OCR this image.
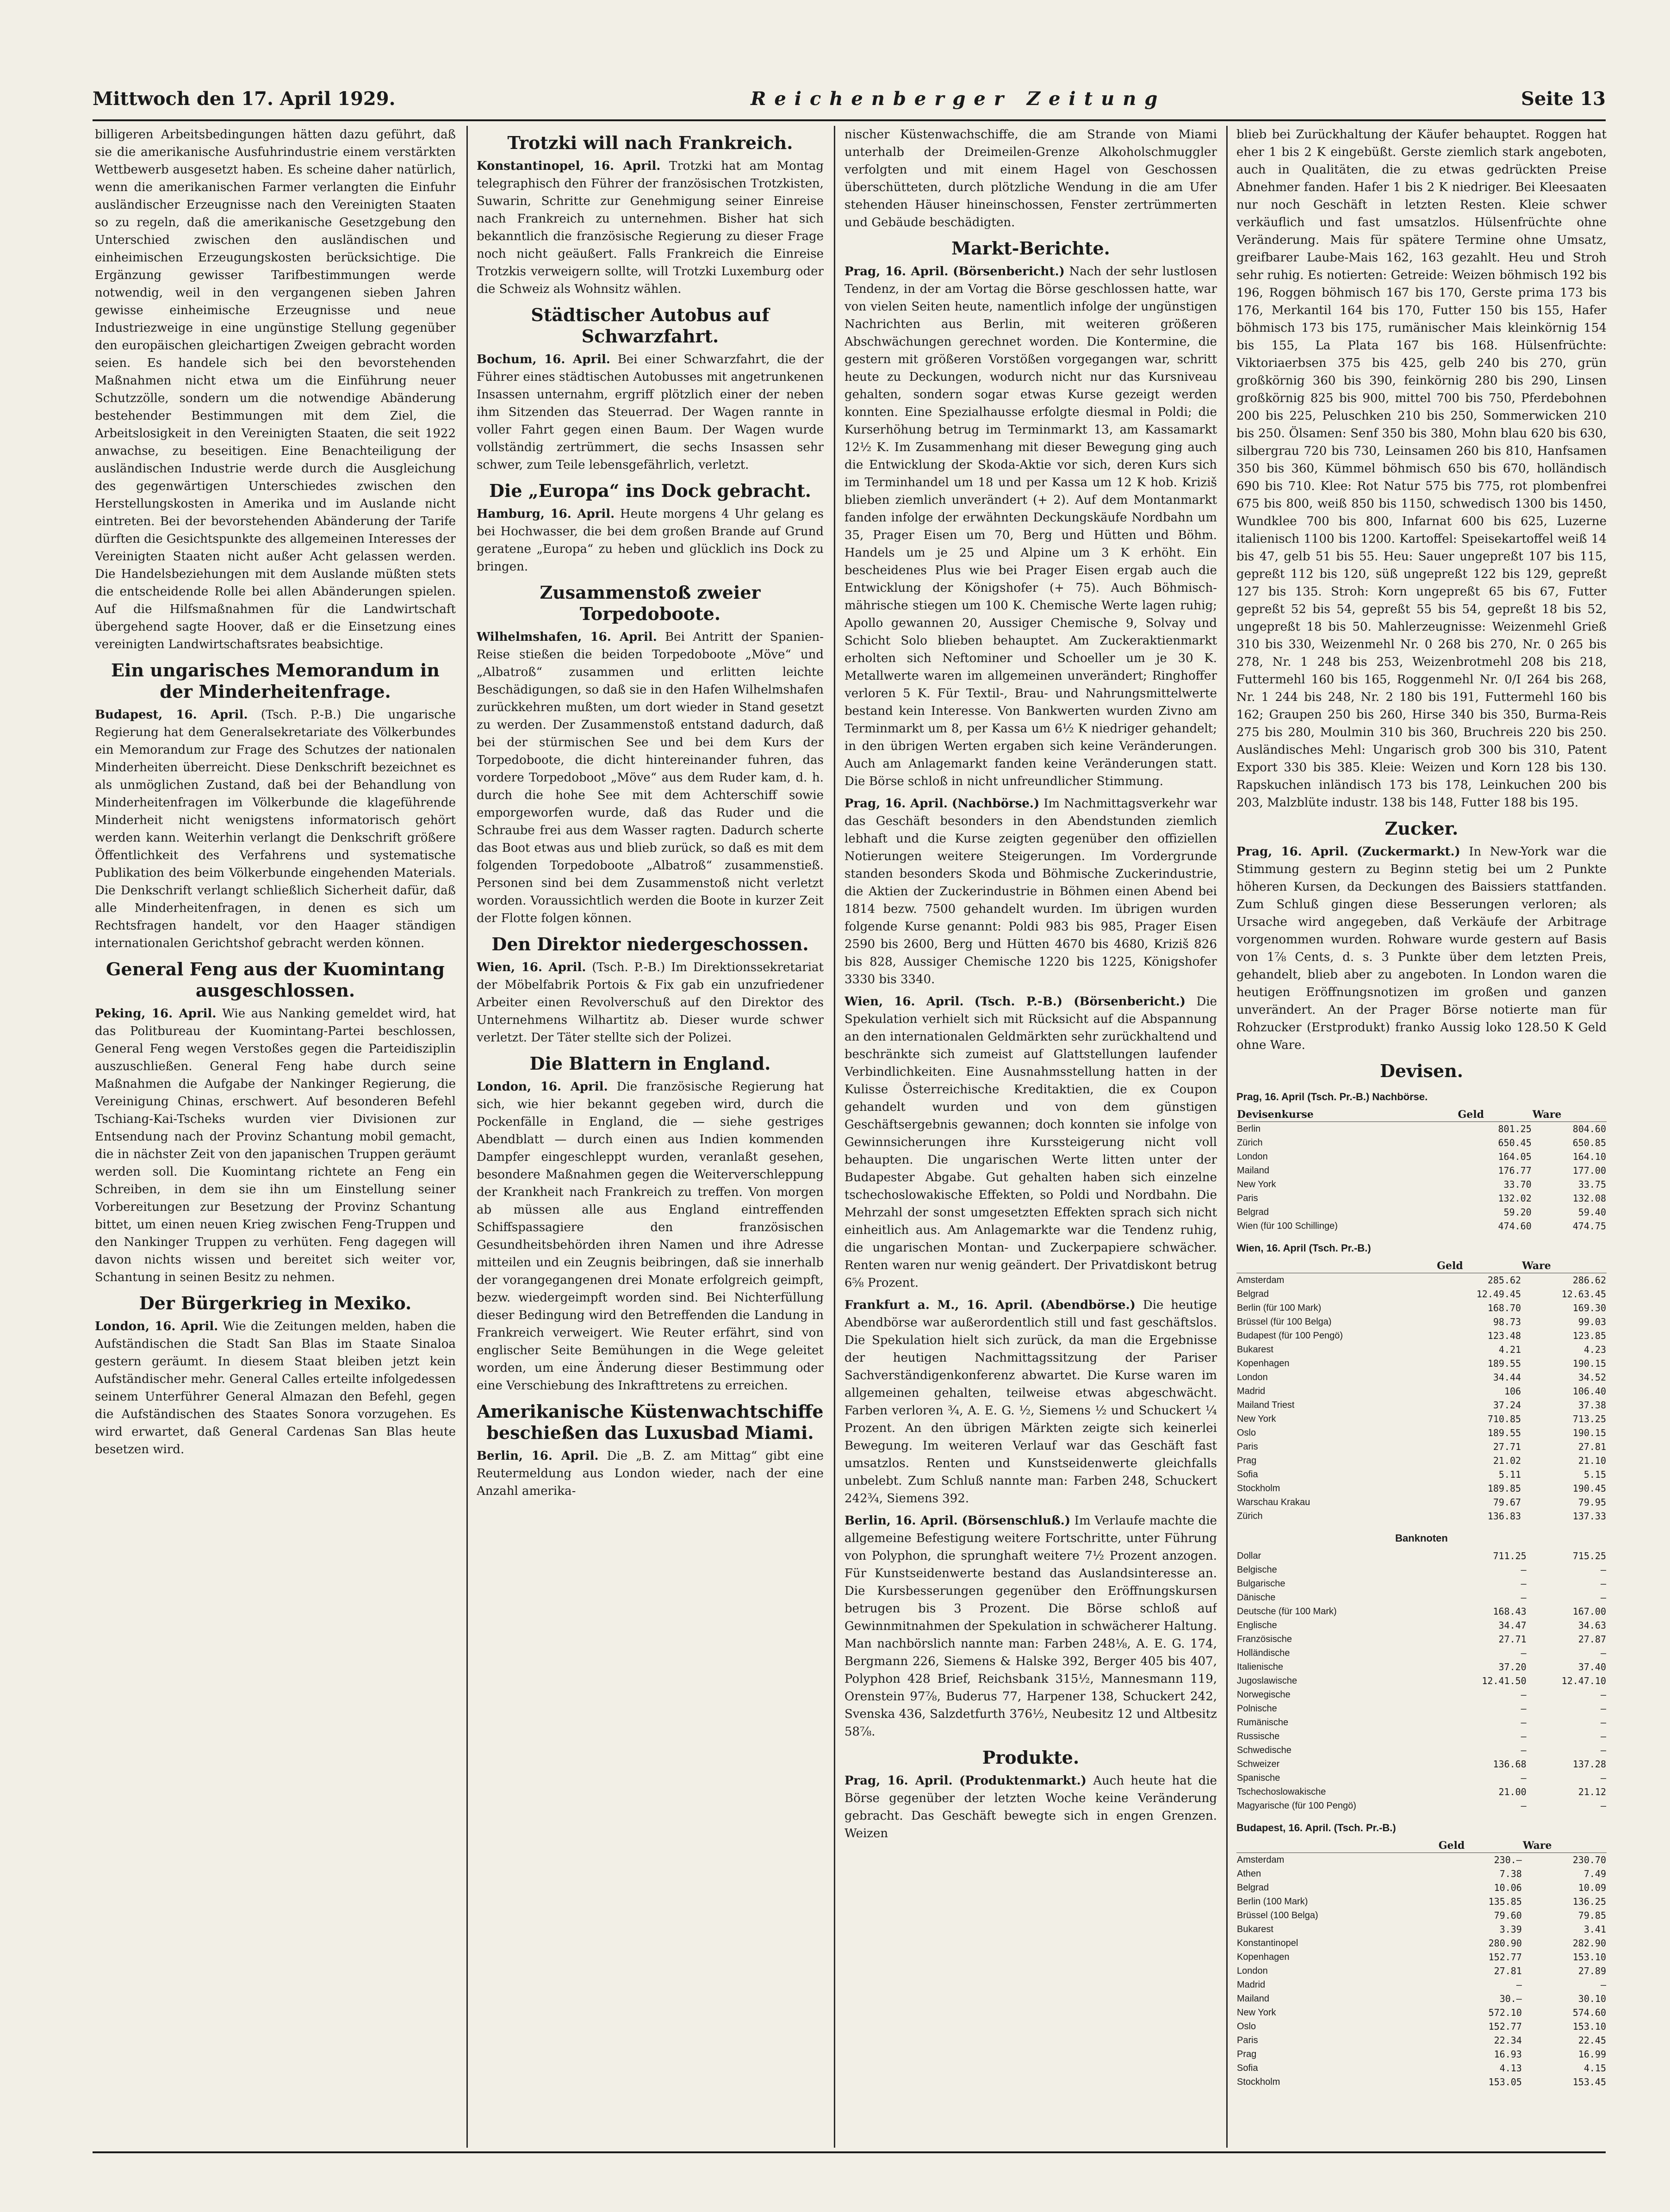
Mittwoch den 17. April 1929.	Reichenberger Zeitung	Seite 13

billigeren Arbeitsbedingungen hätten dazu geführt, daß sie die amerikanische Ausfuhrindustrie einem verstärkten Wettbewerb ausgesetzt haben. Es scheine daher natürlich, wenn die amerikanischen Farmer verlangten die Einfuhr ausländischer Erzeugnisse nach den Vereinigten Staaten so zu regeln, daß die amerikanische Gesetzgebung den Unterschied zwischen den ausländischen und einheimischen Erzeugungskosten berücksichtige. Die Ergänzung gewisser Tarifbestimmungen werde notwendig, weil in den vergangenen sieben Jahren gewisse einheimische Erzeugnisse und neue Industriezweige in eine ungünstige Stellung gegenüber den europäischen gleichartigen Zweigen gebracht worden seien. Es handele sich bei den bevorstehenden Maßnahmen nicht etwa um die Einführung neuer Schutzzölle, sondern um die notwendige Abänderung bestehender Bestimmungen mit dem Ziel, die Arbeitslosigkeit in den Vereinigten Staaten, die seit 1922 anwachse, zu beseitigen. Eine Benachteiligung der ausländischen Industrie werde durch die Ausgleichung des gegenwärtigen Unterschiedes zwischen den Herstellungskosten in Amerika und im Auslande nicht eintreten. Bei der bevorstehenden Abänderung der Tarife dürften die Gesichtspunkte des allgemeinen Interesses der Vereinigten Staaten nicht außer Acht gelassen werden. Die Handelsbeziehungen mit dem Auslande müßten stets die entscheidende Rolle bei allen Abänderungen spielen. Auf die Hilfsmaßnahmen für die Landwirtschaft übergehend sagte Hoover, daß er die Einsetzung eines vereinigten Landwirtschaftsrates beabsichtige.

Ein ungarisches Memorandum in der Minderheitenfrage.

Budapest, 16. April. (Tsch. P.-B.) Die ungarische Regierung hat dem Generalsekretariate des Völkerbundes ein Memorandum zur Frage des Schutzes der nationalen Minderheiten überreicht. Diese Denkschrift bezeichnet es als unmöglichen Zustand, daß bei der Behandlung von Minderheitenfragen im Völkerbunde die klageführende Minderheit nicht wenigstens informatorisch gehört werden kann. Weiterhin verlangt die Denkschrift größere Öffentlichkeit des Verfahrens und systematische Publikation des beim Völkerbunde eingehenden Materials. Die Denkschrift verlangt schließlich Sicherheit dafür, daß alle Minderheitenfragen, in denen es sich um Rechtsfragen handelt, vor den Haager ständigen internationalen Gerichtshof gebracht werden können.

General Feng aus der Kuomintang ausgeschlossen.

Peking, 16. April. Wie aus Nanking gemeldet wird, hat das Politbureau der Kuomintang-Partei beschlossen, General Feng wegen Verstoßes gegen die Parteidisziplin auszuschließen. General Feng habe durch seine Maßnahmen die Aufgabe der Nankinger Regierung, die Vereinigung Chinas, erschwert. Auf besonderen Befehl Tschiang-Kai-Tscheks wurden vier Divisionen zur Entsendung nach der Provinz Schantung mobil gemacht, die in nächster Zeit von den japanischen Truppen geräumt werden soll. Die Kuomintang richtete an Feng ein Schreiben, in dem sie ihn um Einstellung seiner Vorbereitungen zur Besetzung der Provinz Schantung bittet, um einen neuen Krieg zwischen Feng-Truppen und den Nankinger Truppen zu verhüten. Feng dagegen will davon nichts wissen und bereitet sich weiter vor, Schantung in seinen Besitz zu nehmen.

Der Bürgerkrieg in Mexiko.

London, 16. April. Wie die Zeitungen melden, haben die Aufständischen die Stadt San Blas im Staate Sinaloa gestern geräumt. In diesem Staat bleiben jetzt kein Aufständischer mehr. General Calles erteilte infolgedessen seinem Unterführer General Almazan den Befehl, gegen die Aufständischen des Staates Sonora vorzugehen. Es wird erwartet, daß General Cardenas San Blas heute besetzen wird.

Trotzki will nach Frankreich.

Konstantinopel, 16. April. Trotzki hat am Montag telegraphisch den Führer der französischen Trotzkisten, Suwarin, Schritte zur Genehmigung seiner Einreise nach Frankreich zu unternehmen. Bisher hat sich bekanntlich die französische Regierung zu dieser Frage noch nicht geäußert. Falls Frankreich die Einreise Trotzkis verweigern sollte, will Trotzki Luxemburg oder die Schweiz als Wohnsitz wählen.

Städtischer Autobus auf Schwarzfahrt.

Bochum, 16. April. Bei einer Schwarzfahrt, die der Führer eines städtischen Autobusses mit angetrunkenen Insassen unternahm, ergriff plötzlich einer der neben ihm Sitzenden das Steuerrad. Der Wagen rannte in voller Fahrt gegen einen Baum. Der Wagen wurde vollständig zertrümmert, die sechs Insassen sehr schwer, zum Teile lebensgefährlich, verletzt.

Die „Europa“ ins Dock gebracht.

Hamburg, 16. April. Heute morgens 4 Uhr gelang es bei Hochwasser, die bei dem großen Brande auf Grund geratene „Europa“ zu heben und glücklich ins Dock zu bringen.

Zusammenstoß zweier Torpedoboote.

Wilhelmshafen, 16. April. Bei Antritt der Spanien-Reise stießen die beiden Torpedoboote „Möve“ und „Albatroß“ zusammen und erlitten leichte Beschädigungen, so daß sie in den Hafen Wilhelmshafen zurückkehren mußten, um dort wieder in Stand gesetzt zu werden. Der Zusammenstoß entstand dadurch, daß bei der stürmischen See und bei dem Kurs der Torpedoboote, die dicht hintereinander fuhren, das vordere Torpedoboot „Möve“ aus dem Ruder kam, d. h. durch die hohe See mit dem Achterschiff sowie emporgeworfen wurde, daß das Ruder und die Schraube frei aus dem Wasser ragten. Dadurch scherte das Boot etwas aus und blieb zurück, so daß es mit dem folgenden Torpedoboote „Albatroß“ zusammenstieß. Personen sind bei dem Zusammenstoß nicht verletzt worden. Voraussichtlich werden die Boote in kurzer Zeit der Flotte folgen können.

Den Direktor niedergeschossen.

Wien, 16. April. (Tsch. P.-B.) Im Direktionssekretariat der Möbelfabrik Portois & Fix gab ein unzufriedener Arbeiter einen Revolverschuß auf den Direktor des Unternehmens Wilhartitz ab. Dieser wurde schwer verletzt. Der Täter stellte sich der Polizei.

Die Blattern in England.

London, 16. April. Die französische Regierung hat sich, wie hier bekannt gegeben wird, durch die Pockenfälle in England, die — siehe gestriges Abendblatt — durch einen aus Indien kommenden Dampfer eingeschleppt wurden, veranlaßt gesehen, besondere Maßnahmen gegen die Weiterverschleppung der Krankheit nach Frankreich zu treffen. Von morgen ab müssen alle aus England eintreffenden Schiffspassagiere den französischen Gesundheitsbehörden ihren Namen und ihre Adresse mitteilen und ein Zeugnis beibringen, daß sie innerhalb der vorangegangenen drei Monate erfolgreich geimpft, bezw. wiedergeimpft worden sind. Bei Nichterfüllung dieser Bedingung wird den Betreffenden die Landung in Frankreich verweigert. Wie Reuter erfährt, sind von englischer Seite Bemühungen in die Wege geleitet worden, um eine Änderung dieser Bestimmung oder eine Verschiebung des Inkrafttretens zu erreichen.

Amerikanische Küstenwachtschiffe beschießen das Luxusbad Miami.

Berlin, 16. April. Die „B. Z. am Mittag“ gibt eine Reutermeldung aus London wieder, nach der eine Anzahl amerika-

nischer Küstenwachschiffe, die am Strande von Miami unterhalb der Dreimeilen-Grenze Alkoholschmuggler verfolgten und mit einem Hagel von Geschossen überschütteten, durch plötzliche Wendung in die am Ufer stehenden Häuser hineinschossen, Fenster zertrümmerten und Gebäude beschädigten.

Markt-Berichte.

Prag, 16. April. (Börsenbericht.) Nach der sehr lustlosen Tendenz, in der am Vortag die Börse geschlossen hatte, war von vielen Seiten heute, namentlich infolge der ungünstigen Nachrichten aus Berlin, mit weiteren größeren Abschwächungen gerechnet worden. Die Kontermine, die gestern mit größeren Vorstößen vorgegangen war, schritt heute zu Deckungen, wodurch nicht nur das Kursniveau gehalten, sondern sogar etwas Kurse gezeigt werden konnten. Eine Spezialhausse erfolgte diesmal in Poldi; die Kurserhöhung betrug im Terminmarkt 13, am Kassamarkt 12½ K. Im Zusammenhang mit dieser Bewegung ging auch die Entwicklung der Skoda-Aktie vor sich, deren Kurs sich im Terminhandel um 18 und per Kassa um 12 K hob. Kriziš blieben ziemlich unverändert (+ 2). Auf dem Montanmarkt fanden infolge der erwähnten Deckungskäufe Nordbahn um 35, Prager Eisen um 70, Berg und Hütten und Böhm. Handels um je 25 und Alpine um 3 K erhöht. Ein bescheidenes Plus wie bei Prager Eisen ergab auch die Entwicklung der Königshofer (+ 75). Auch Böhmisch-mährische stiegen um 100 K. Chemische Werte lagen ruhig; Apollo gewannen 20, Aussiger Chemische 9, Solvay und Schicht Solo blieben behauptet. Am Zuckeraktienmarkt erholten sich Neftominer und Schoeller um je 30 K. Metallwerte waren im allgemeinen unverändert; Ringhoffer verloren 5 K. Für Textil-, Brau- und Nahrungsmittelwerte bestand kein Interesse. Von Bankwerten wurden Zivno am Terminmarkt um 8, per Kassa um 6½ K niedriger gehandelt; in den übrigen Werten ergaben sich keine Veränderungen. Auch am Anlagemarkt fanden keine Veränderungen statt. Die Börse schloß in nicht unfreundlicher Stimmung.

Prag, 16. April. (Nachbörse.) Im Nachmittagsverkehr war das Geschäft besonders in den Abendstunden ziemlich lebhaft und die Kurse zeigten gegenüber den offiziellen Notierungen weitere Steigerungen. Im Vordergrunde standen besonders Skoda und Böhmische Zuckerindustrie, die Aktien der Zuckerindustrie in Böhmen einen Abend bei 1814 bezw. 7500 gehandelt wurden. Im übrigen wurden folgende Kurse genannt: Poldi 983 bis 985, Prager Eisen 2590 bis 2600, Berg und Hütten 4670 bis 4680, Kriziš 826 bis 828, Aussiger Chemische 1220 bis 1225, Königshofer 3330 bis 3340.

Wien, 16. April. (Tsch. P.-B.) (Börsenbericht.) Die Spekulation verhielt sich mit Rücksicht auf die Abspannung an den internationalen Geldmärkten sehr zurückhaltend und beschränkte sich zumeist auf Glattstellungen laufender Verbindlichkeiten. Eine Ausnahmsstellung hatten in der Kulisse Österreichische Kreditaktien, die ex Coupon gehandelt wurden und von dem günstigen Geschäftsergebnis gewannen; doch konnten sie infolge von Gewinnsicherungen ihre Kurssteigerung nicht voll behaupten. Die ungarischen Werte litten unter der Budapester Abgabe. Gut gehalten haben sich einzelne tschechoslowakische Effekten, so Poldi und Nordbahn. Die Mehrzahl der sonst umgesetzten Effekten sprach sich nicht einheitlich aus. Am Anlagemarkte war die Tendenz ruhig, die ungarischen Montan- und Zuckerpapiere schwächer. Renten waren nur wenig geändert. Der Privatdiskont betrug 6⅝ Prozent.

Frankfurt a. M., 16. April. (Abendbörse.) Die heutige Abendbörse war außerordentlich still und fast geschäftslos. Die Spekulation hielt sich zurück, da man die Ergebnisse der heutigen Nachmittagssitzung der Pariser Sachverständigenkonferenz abwartet. Die Kurse waren im allgemeinen gehalten, teilweise etwas abgeschwächt. Farben verloren ¾, A. E. G. ½, Siemens ½ und Schuckert ¼ Prozent. An den übrigen Märkten zeigte sich keinerlei Bewegung. Im weiteren Verlauf war das Geschäft fast umsatzlos. Renten und Kunstseidenwerte gleichfalls unbelebt. Zum Schluß nannte man: Farben 248, Schuckert 242¾, Siemens 392.

Berlin, 16. April. (Börsenschluß.) Im Verlaufe machte die allgemeine Befestigung weitere Fortschritte, unter Führung von Polyphon, die sprunghaft weitere 7½ Prozent anzogen. Für Kunstseidenwerte bestand das Auslandsinteresse an. Die Kursbesserungen gegenüber den Eröffnungskursen betrugen bis 3 Prozent. Die Börse schloß auf Gewinnmitnahmen der Spekulation in schwächerer Haltung. Man nachbörslich nannte man: Farben 248⅛, A. E. G. 174, Bergmann 226, Siemens & Halske 392, Berger 405 bis 407, Polyphon 428 Brief, Reichsbank 315½, Mannesmann 119, Orenstein 97⅞, Buderus 77, Harpener 138, Schuckert 242, Svenska 436, Salzdetfurth 376½, Neubesitz 12 und Altbesitz 58⅞.

Produkte.

Prag, 16. April. (Produktenmarkt.) Auch heute hat die Börse gegenüber der letzten Woche keine Veränderung gebracht. Das Geschäft bewegte sich in engen Grenzen. Weizen

blieb bei Zurückhaltung der Käufer behauptet. Roggen hat eher 1 bis 2 K eingebüßt. Gerste ziemlich stark angeboten, auch in Qualitäten, die zu etwas gedrückten Preise Abnehmer fanden. Hafer 1 bis 2 K niedriger. Bei Kleesaaten nur noch Geschäft in letzten Resten. Kleie schwer verkäuflich und fast umsatzlos. Hülsenfrüchte ohne Veränderung. Mais für spätere Termine ohne Umsatz, greifbarer Laube-Mais 162, 163 gezahlt. Heu und Stroh sehr ruhig. Es notierten: Getreide: Weizen böhmisch 192 bis 196, Roggen böhmisch 167 bis 170, Gerste prima 173 bis 176, Merkantil 164 bis 170, Futter 150 bis 155, Hafer böhmisch 173 bis 175, rumänischer Mais kleinkörnig 154 bis 155, La Plata 167 bis 168. Hülsenfrüchte: Viktoriaerbsen 375 bis 425, gelb 240 bis 270, grün großkörnig 360 bis 390, feinkörnig 280 bis 290, Linsen großkörnig 825 bis 900, mittel 700 bis 750, Pferdebohnen 200 bis 225, Peluschken 210 bis 250, Sommerwicken 210 bis 250. Ölsamen: Senf 350 bis 380, Mohn blau 620 bis 630, silbergrau 720 bis 730, Leinsamen 260 bis 810, Hanfsamen 350 bis 360, Kümmel böhmisch 650 bis 670, holländisch 690 bis 710. Klee: Rot Natur 575 bis 775, rot plombenfrei 675 bis 800, weiß 850 bis 1150, schwedisch 1300 bis 1450, Wundklee 700 bis 800, Infarnat 600 bis 625, Luzerne italienisch 1100 bis 1200. Kartoffel: Speisekartoffel weiß 14 bis 47, gelb 51 bis 55. Heu: Sauer ungepreßt 107 bis 115, gepreßt 112 bis 120, süß ungepreßt 122 bis 129, gepreßt 127 bis 135. Stroh: Korn ungepreßt 65 bis 67, Futter gepreßt 52 bis 54, gepreßt 55 bis 54, gepreßt 18 bis 52, ungepreßt 18 bis 50. Mahlerzeugnisse: Weizenmehl Grieß 310 bis 330, Weizenmehl Nr. 0 268 bis 270, Nr. 0 265 bis 278, Nr. 1 248 bis 253, Weizenbrotmehl 208 bis 218, Futtermehl 160 bis 165, Roggenmehl Nr. 0/I 264 bis 268, Nr. 1 244 bis 248, Nr. 2 180 bis 191, Futtermehl 160 bis 162; Graupen 250 bis 260, Hirse 340 bis 350, Burma-Reis 275 bis 280, Moulmin 310 bis 360, Bruchreis 220 bis 250. Ausländisches Mehl: Ungarisch grob 300 bis 310, Patent Export 330 bis 385. Kleie: Weizen und Korn 128 bis 130. Rapskuchen inländisch 173 bis 178, Leinkuchen 200 bis 203, Malzblüte industr. 138 bis 148, Futter 188 bis 195.

Zucker.

Prag, 16. April. (Zuckermarkt.) In New-York war die Stimmung gestern zu Beginn stetig bei um 2 Punkte höheren Kursen, da Deckungen des Baissiers stattfanden. Zum Schluß gingen diese Besserungen verloren; als Ursache wird angegeben, daß Verkäufe der Arbitrage vorgenommen wurden. Rohware wurde gestern auf Basis von 1⅞ Cents, d. s. 3 Punkte über dem letzten Preis, gehandelt, blieb aber zu angeboten. In London waren die heutigen Eröffnungsnotizen im großen und ganzen unverändert. An der Prager Börse notierte man für Rohzucker (Erstprodukt) franko Aussig loko 128.50 K Geld ohne Ware.

Devisen.
Prag, 16. April (Tsch. Pr.-B.) Nachbörse.
Devisenkurse	Geld	Ware
Berlin	801.25	804.60
Zürich	650.45	650.85
London	164.05	164.10
Mailand	176.77	177.00
New York	33.70	33.75
Paris	132.02	132.08
Belgrad	59.20	59.40
Wien (für 100 Schillinge)	474.60	474.75
Wien, 16. April (Tsch. Pr.-B.)
	Geld	Ware
Amsterdam	285.62	286.62
Belgrad	12.49.45	12.63.45
Berlin (für 100 Mark)	168.70	169.30
Brüssel (für 100 Belga)	98.73	99.03
Budapest (für 100 Pengö)	123.48	123.85
Bukarest	4.21	4.23
Kopenhagen	189.55	190.15
London	34.44	34.52
Madrid	106	106.40
Mailand Triest	37.24	37.38
New York	710.85	713.25
Oslo	189.55	190.15
Paris	27.71	27.81
Prag	21.02	21.10
Sofia	5.11	5.15
Stockholm	189.85	190.45
Warschau Krakau	79.67	79.95
Zürich	136.83	137.33
Banknoten
Dollar	711.25	715.25
Belgische	—	—
Bulgarische	—	—
Dänische	—	—
Deutsche (für 100 Mark)	168.43	167.00
Englische	34.47	34.63
Französische	27.71	27.87
Holländische	—	—
Italienische	37.20	37.40
Jugoslawische	12.41.50	12.47.10
Norwegische	—	—
Polnische	—	—
Rumänische	—	—
Russische	—	—
Schwedische	—	—
Schweizer	136.68	137.28
Spanische	—	—
Tschechoslowakische	21.00	21.12
Magyarische (für 100 Pengö)	—	—
Budapest, 16. April. (Tsch. Pr.-B.)
	Geld	Ware
Amsterdam	230.—	230.70
Athen	7.38	7.49
Belgrad	10.06	10.09
Berlin (100 Mark)	135.85	136.25
Brüssel (100 Belga)	79.60	79.85
Bukarest	3.39	3.41
Konstantinopel	280.90	282.90
Kopenhagen	152.77	153.10
London	27.81	27.89
Madrid	—	—
Mailand	30.—	30.10
New York	572.10	574.60
Oslo	152.77	153.10
Paris	22.34	22.45
Prag	16.93	16.99
Sofia	4.13	4.15
Stockholm	153.05	153.45
